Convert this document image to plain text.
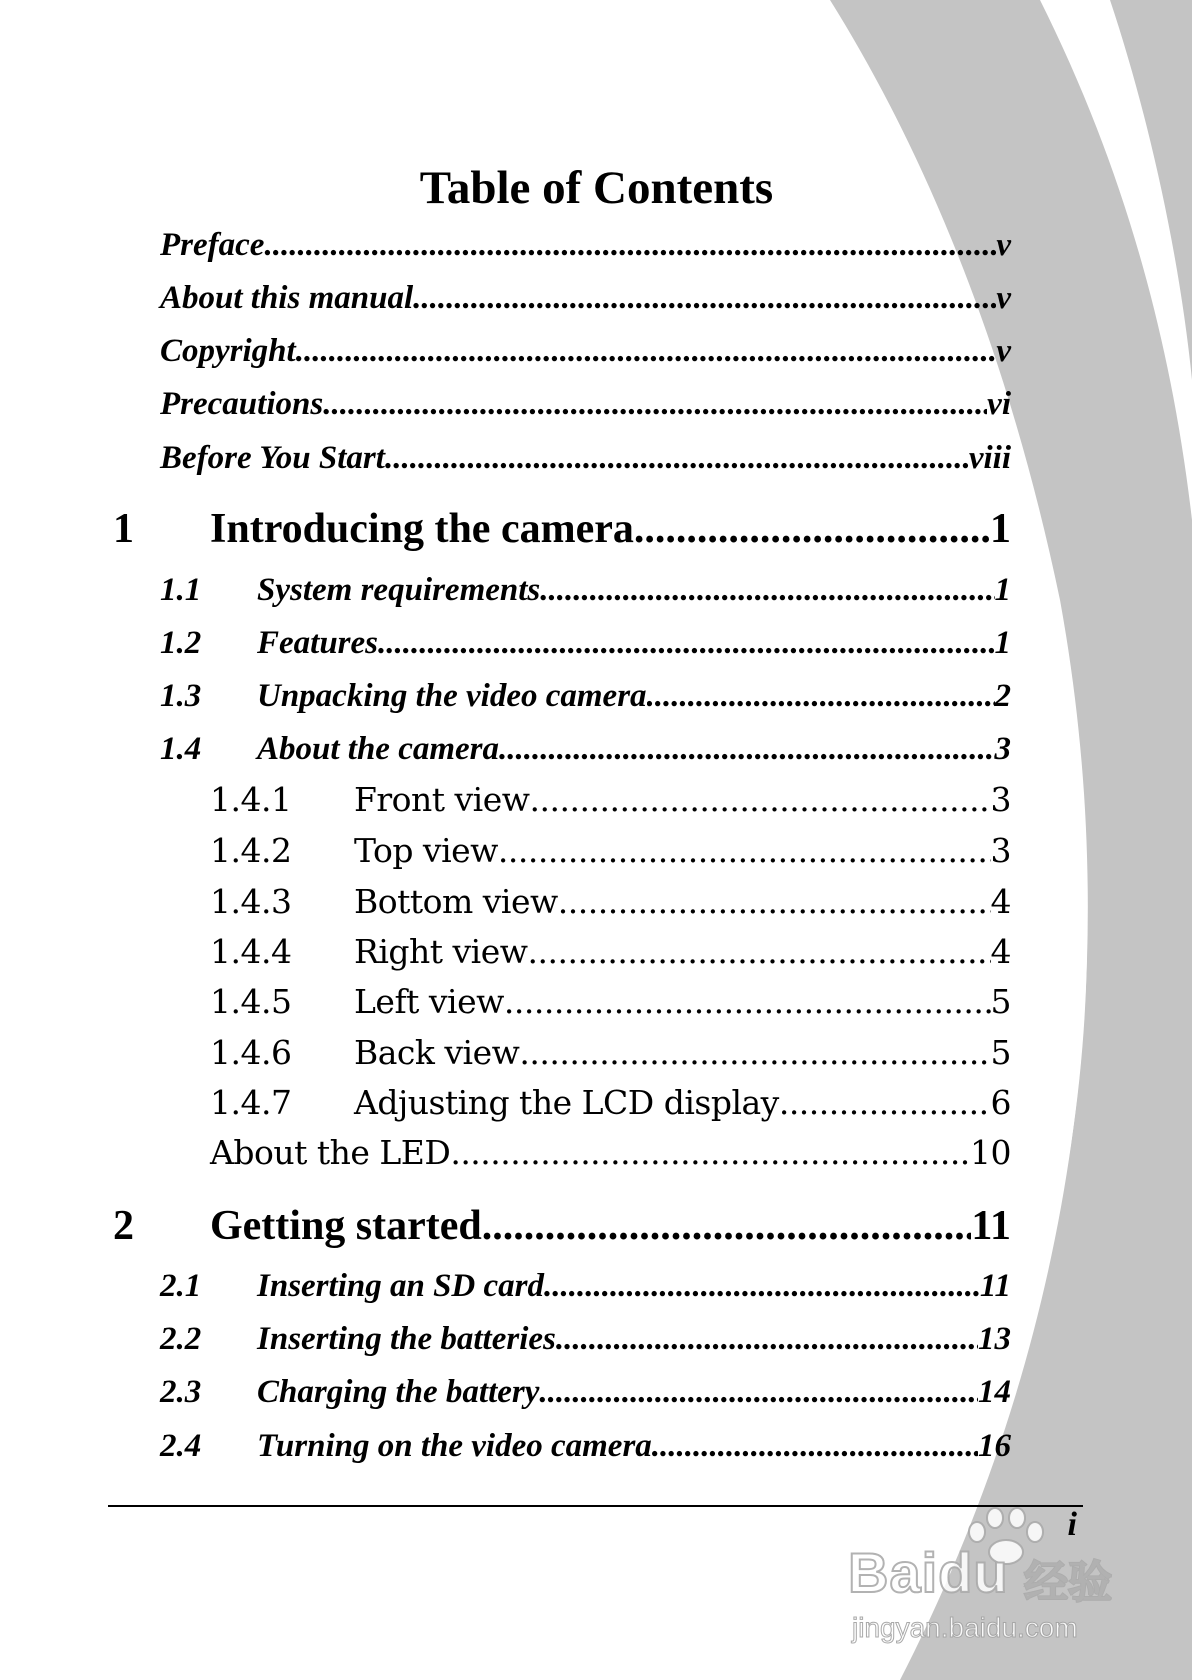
Table of Contents
Preface .....	v
About this manual .....	v
Copyright .....	v
Precautions .....	vi
Before You Start .....	viii
1	Introducing the camera .....	1
1.1	System requirements .....	1
1.2	Features .....	1
1.3	Unpacking the video camera .....	2
1.4	About the camera .....	3
1.4.1	Front view .....	3
1.4.2	Top view .....	3
1.4.3	Bottom view .....	4
1.4.4	Right view .....	4
1.4.5	Left view .....	5
1.4.6	Back view .....	5
1.4.7	Adjusting the LCD display .....	6
About the LED .....	10
2	Getting started .....	11
2.1	Inserting an SD card .....	11
2.2	Inserting the batteries .....	13
2.3	Charging the battery .....	14
2.4	Turning on the video camera .....	16
i
Baidu 经验
jingyan.baidu.com
